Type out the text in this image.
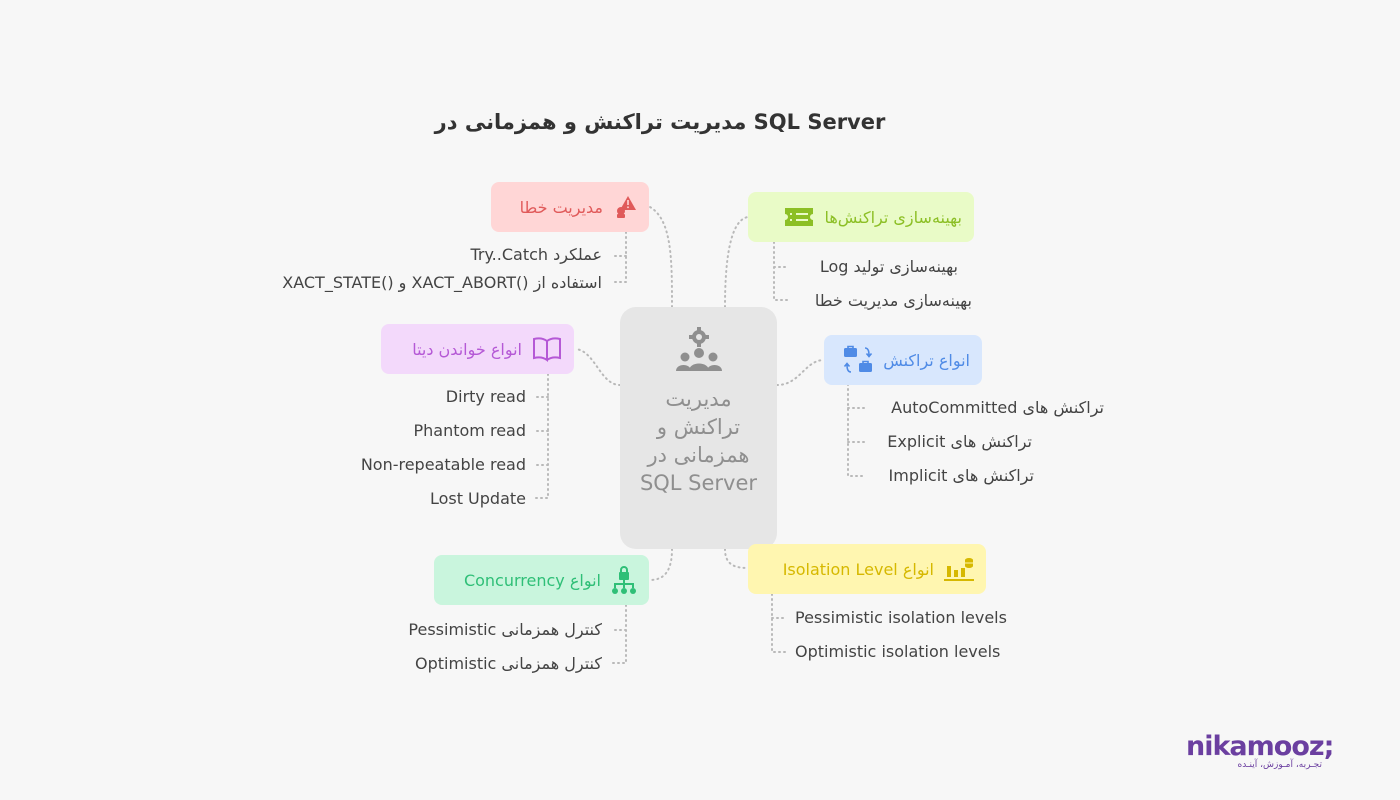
مدیریت تراکنش و همزمانی در SQL Server
مدیریت تراکنش و همزمانی در SQL Server
مدیریت خطا
عملکرد Try..Catch
استفاده از ()XACT_ABORT و ()XACT_STATE
انواع خواندن دیتا
Dirty read
Phantom read
Non-repeatable read
Lost Update
انواع Concurrency
کنترل همزمانی Pessimistic
کنترل همزمانی Optimistic
بهینه‌سازی تراکنش‌ها
بهینه‌سازی تولید Log
بهینه‌سازی مدیریت خطا
انواع تراکنش
تراکنش های AutoCommitted
تراکنش های Explicit
تراکنش های Implicit
انواع Isolation Level
Pessimistic isolation levels
Optimistic isolation levels
nikamooz;
تجـربه، آمـوزش، آینـده
